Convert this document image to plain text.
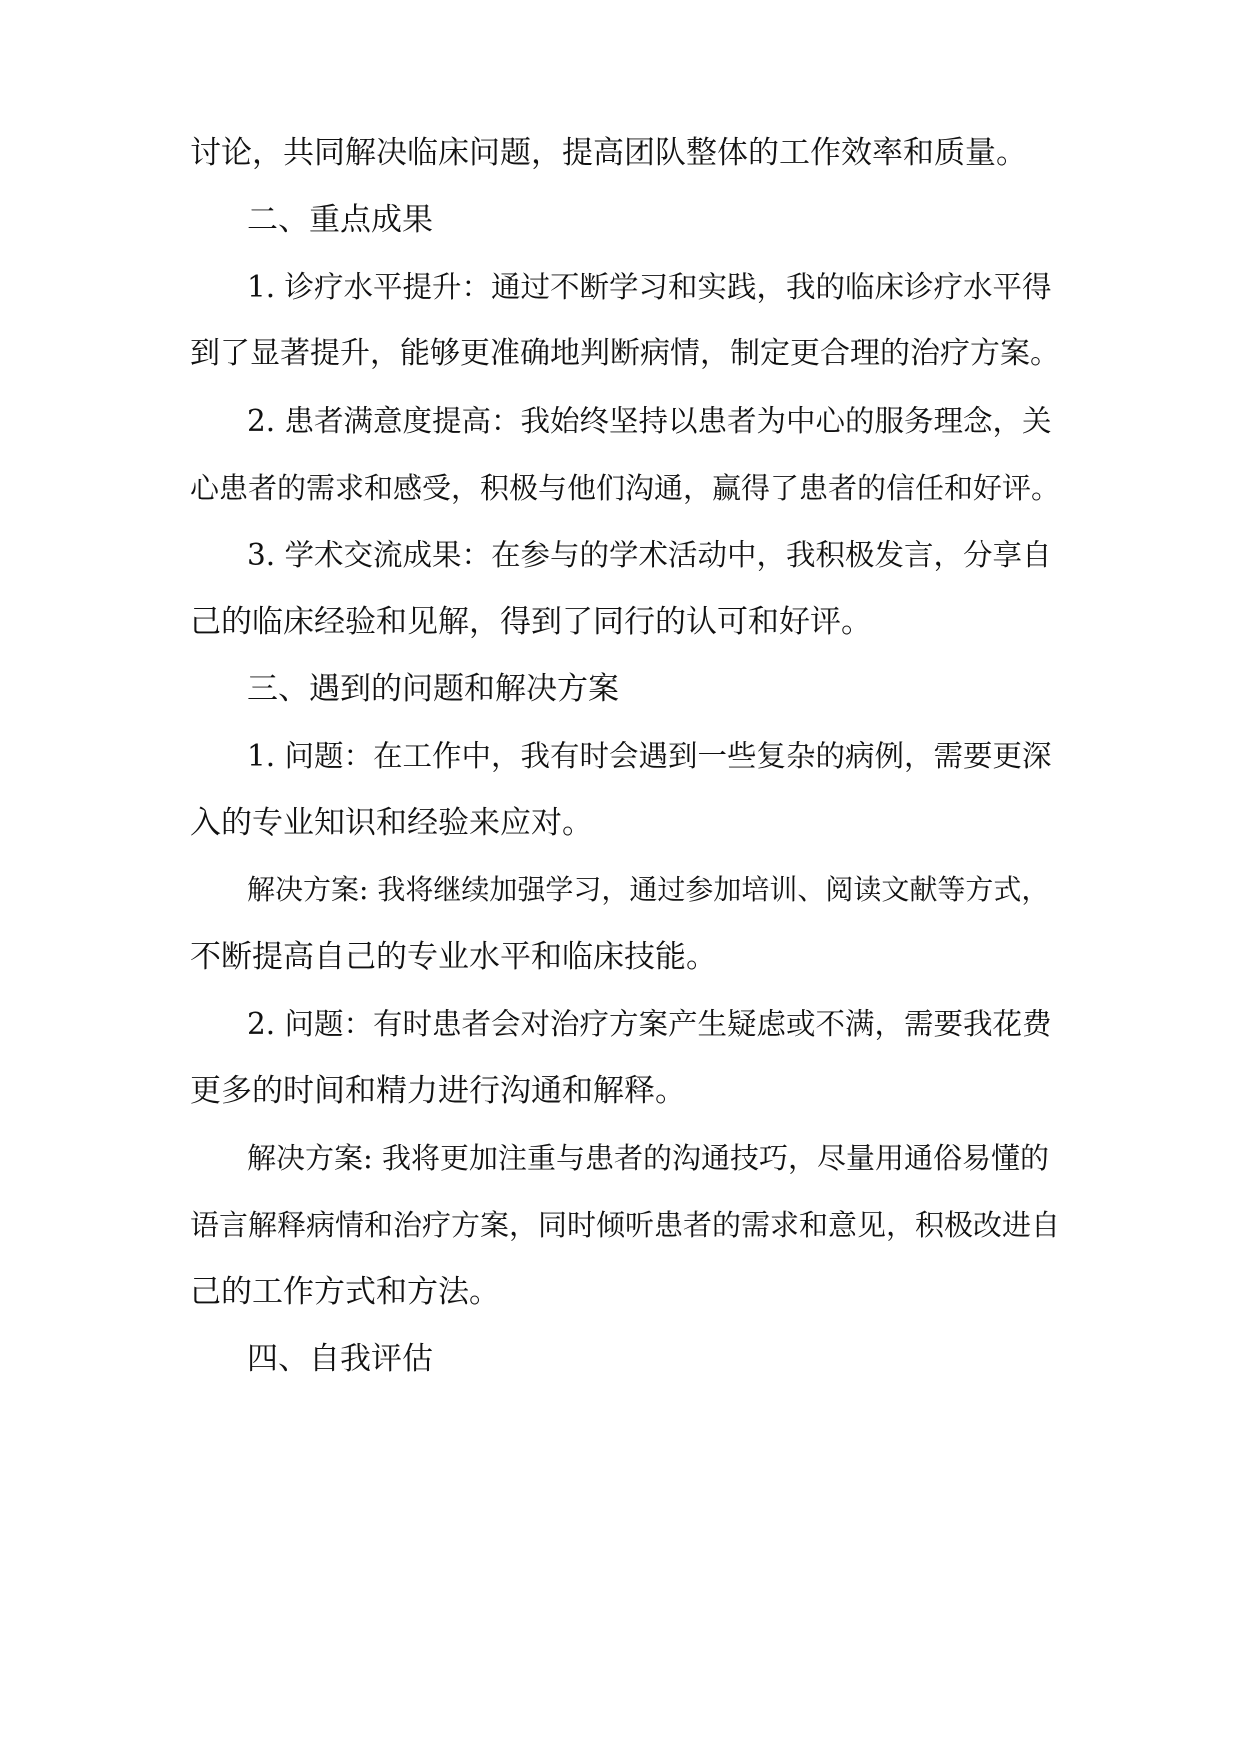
讨论，共同解决临床问题，提高团队整体的工作效率和质量。
二、重点成果
1. 诊疗水平提升：通过不断学习和实践，我的临床诊疗水平得
到了显著提升，能够更准确地判断病情，制定更合理的治疗方案。
2. 患者满意度提高：我始终坚持以患者为中心的服务理念，关
心患者的需求和感受，积极与他们沟通，赢得了患者的信任和好评。
3. 学术交流成果：在参与的学术活动中，我积极发言，分享自
己的临床经验和见解，得到了同行的认可和好评。
三、遇到的问题和解决方案
1. 问题：在工作中，我有时会遇到一些复杂的病例，需要更深
入的专业知识和经验来应对。
解决方案: 我将继续加强学习，通过参加培训、阅读文献等方式，
不断提高自己的专业水平和临床技能。
2. 问题：有时患者会对治疗方案产生疑虑或不满，需要我花费
更多的时间和精力进行沟通和解释。
解决方案: 我将更加注重与患者的沟通技巧，尽量用通俗易懂的
语言解释病情和治疗方案，同时倾听患者的需求和意见，积极改进自
己的工作方式和方法。
四、自我评估
